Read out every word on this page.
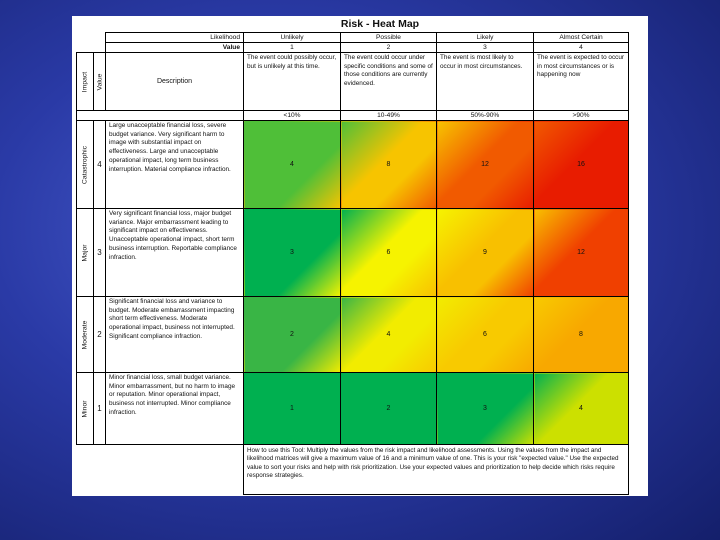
Risk - Heat Map
		Likelihood	Unlikely	Possible	Likely	Almost Certain
		Value	1	2	3	4

Impact	Value	Description	The event could possibly occur, but is unlikely at this time.	The event could occur under specific conditions and some of those conditions are currently evidenced.	The event is most likely to occur in most circumstances.	The event is expected to occur in most circumstances or is happening now
			<10%	10-49%	50%-90%	>90%

Catastrophic	4	Large unacceptable financial loss, severe budget variance. Very significant harm to image with substantial impact on effectiveness. Large and unacceptable operational impact, long term business interruption. Material compliance infraction.	4	8	12	16

Major	3	Very significant financial loss, major budget variance. Major embarrassment leading to significant impact on effectiveness. Unacceptable operational impact, short term business interruption. Reportable compliance infraction.	3	6	9	12

Moderate	2	Significant financial loss and variance to budget. Moderate embarrassment impacting short term effectiveness. Moderate operational impact, business not interrupted. Significant compliance infraction.	2	4	6	8

Minor	1	Minor financial loss, small budget variance. Minor embarrassment, but no harm to image or reputation. Minor operational impact, business not interrupted. Minor compliance infraction.	1	2	3	4
			How to use this Tool: Multiply the values from the risk impact and likelihood assessments. Using the values from the impact and likelihood matrices will give a maximum value of 16 and a minimum value of one. This is your risk "expected value." Use the expected value to sort your risks and help with risk prioritization. Use your expected values and prioritization to help decide which risks require response strategies.			
